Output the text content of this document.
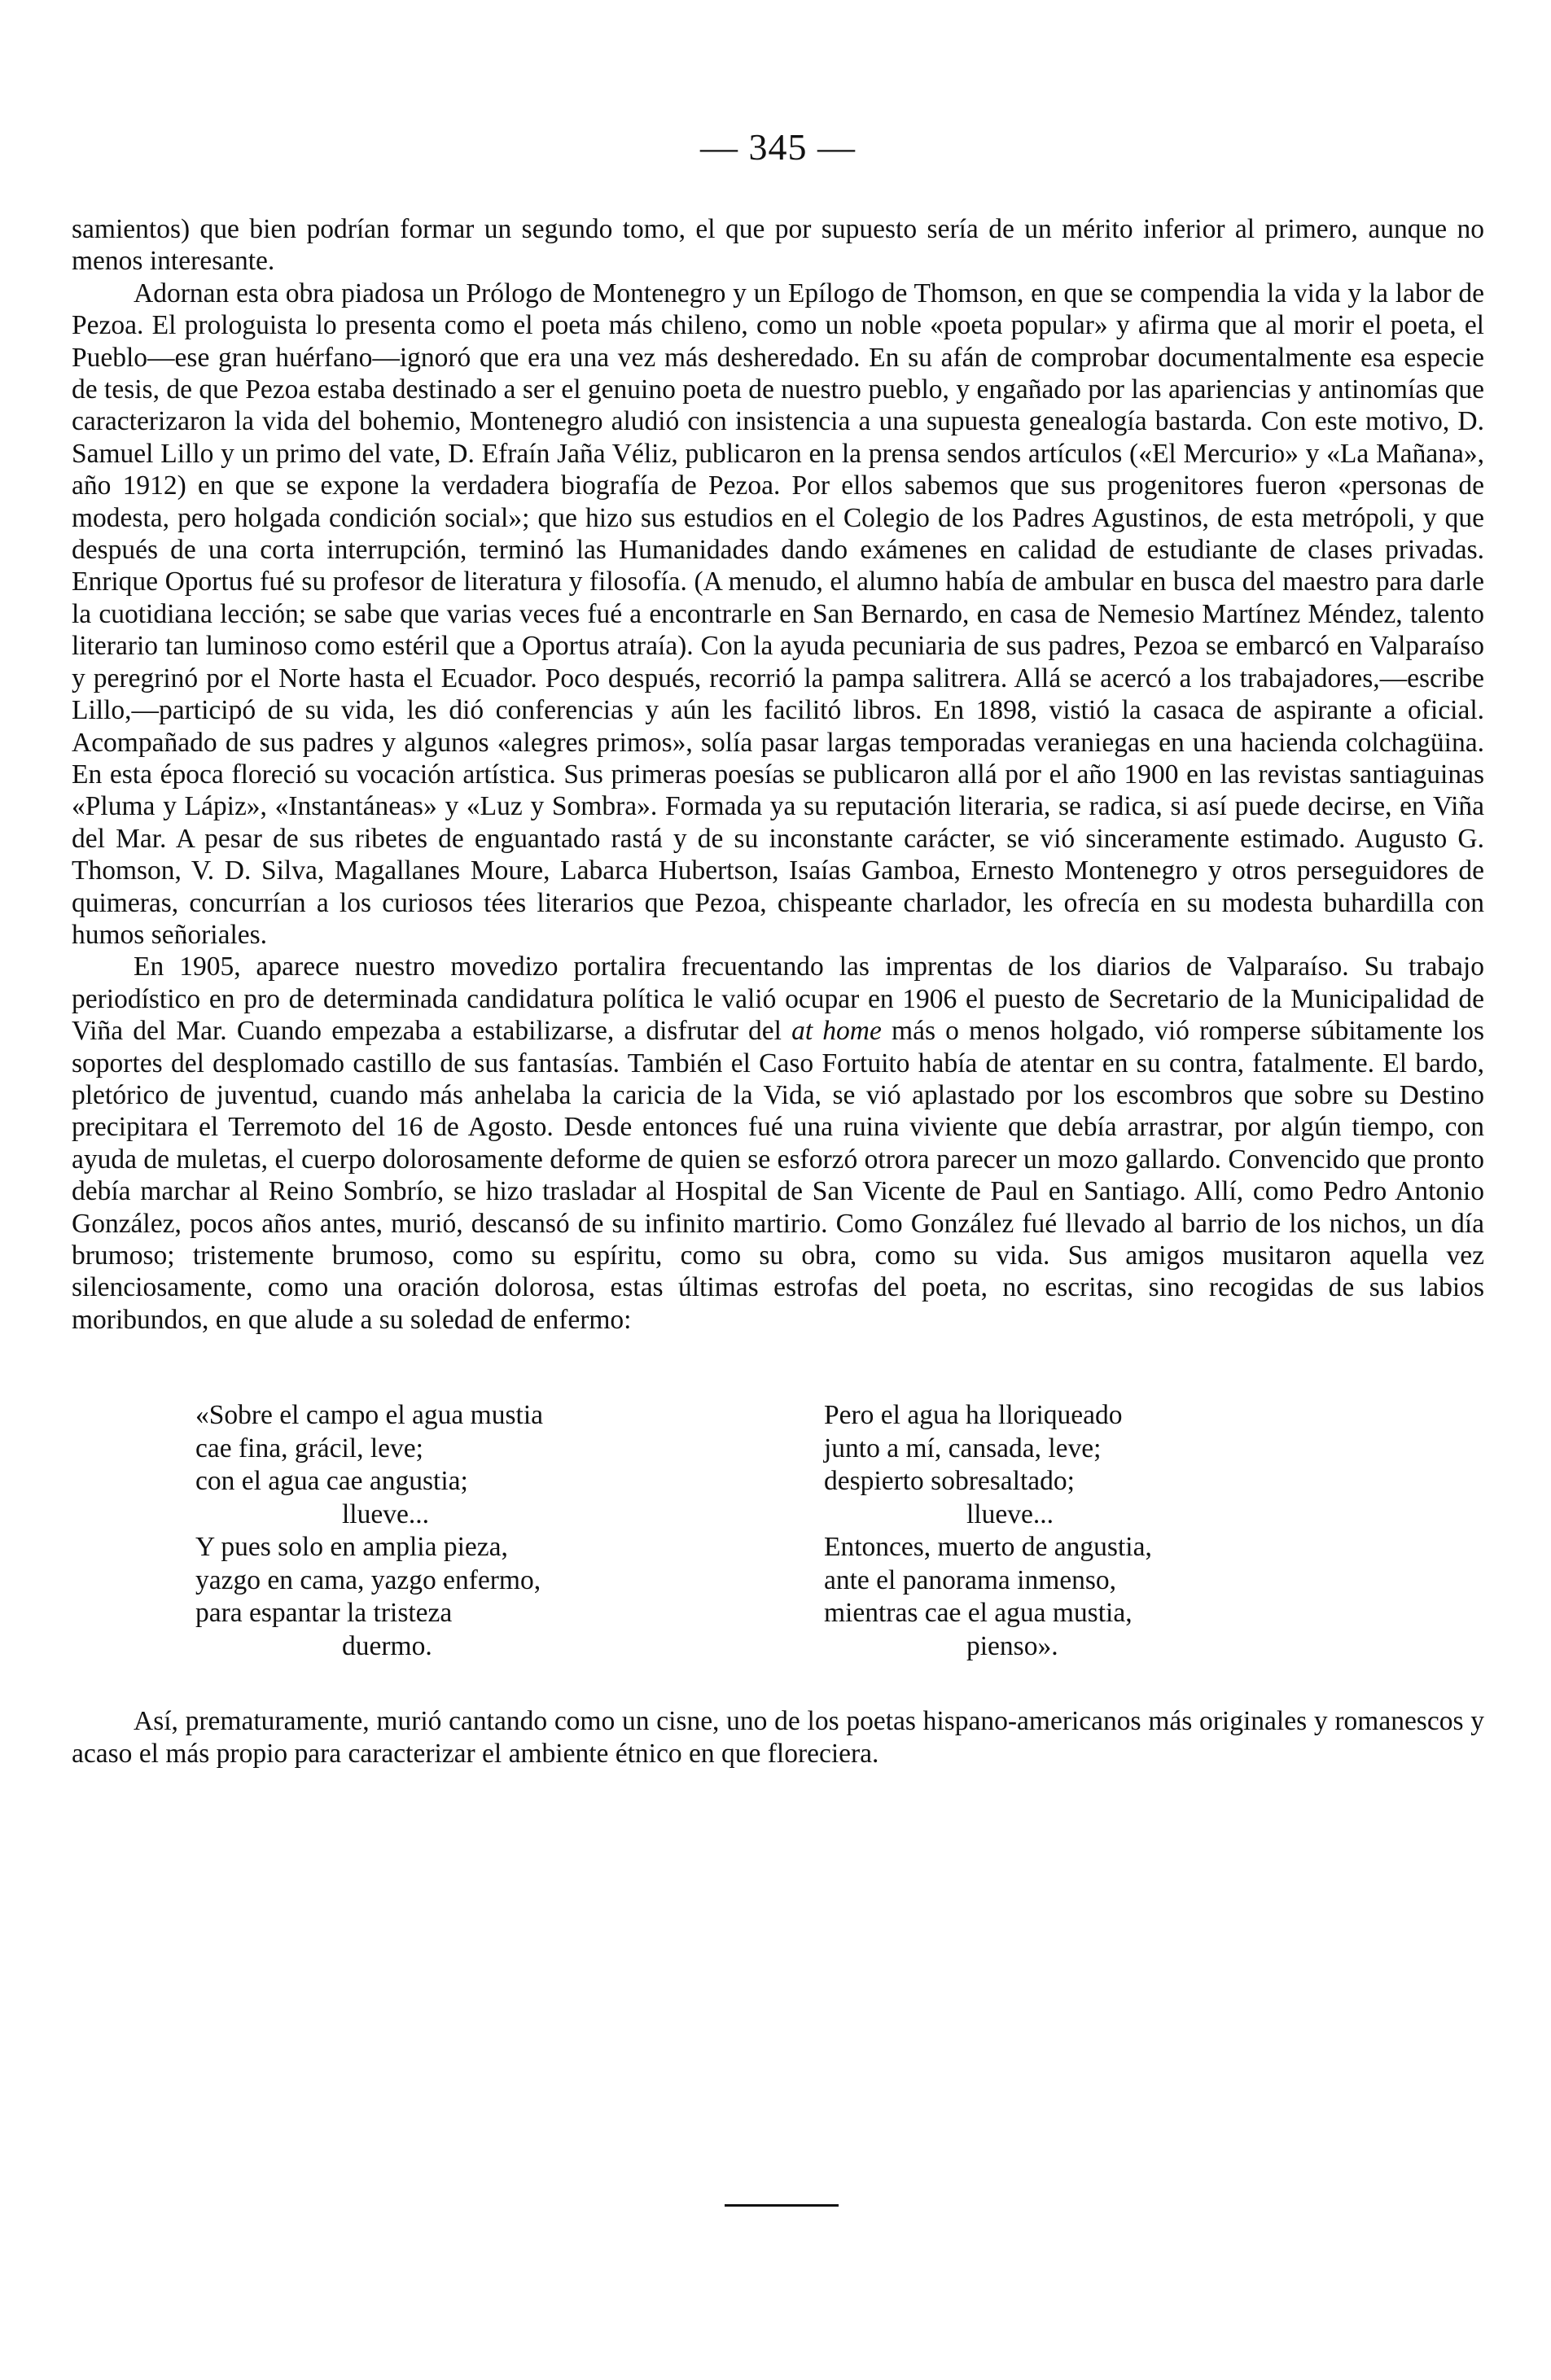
— 345 —

samientos) que bien podrían formar un segundo tomo, el que por supuesto sería de un mérito inferior al primero, aunque no menos interesante.

Adornan esta obra piadosa un Prólogo de Montenegro y un Epílogo de Thomson, en que se compendia la vida y la labor de Pezoa. El prologuista lo presenta como el poeta más chileno, como un noble «poeta popular» y afirma que al morir el poeta, el Pueblo—ese gran huérfano—ignoró que era una vez más desheredado. En su afán de comprobar documentalmente esa especie de tesis, de que Pezoa estaba destinado a ser el genuino poeta de nuestro pueblo, y engañado por las apariencias y antinomías que caracterizaron la vida del bohemio, Montenegro aludió con insistencia a una supuesta genealogía bastarda. Con este motivo, D. Samuel Lillo y un primo del vate, D. Efraín Jaña Véliz, publicaron en la prensa sendos artículos («El Mercurio» y «La Mañana», año 1912) en que se expone la verdadera biografía de Pezoa. Por ellos sabemos que sus progenitores fueron «personas de modesta, pero holgada condición social»; que hizo sus estudios en el Colegio de los Padres Agustinos, de esta metrópoli, y que después de una corta interrupción, terminó las Humanidades dando exámenes en calidad de estudiante de clases privadas. Enrique Oportus fué su profesor de literatura y filosofía. (A menudo, el alumno había de ambular en busca del maestro para darle la cuotidiana lección; se sabe que varias veces fué a encontrarle en San Bernardo, en casa de Nemesio Martínez Méndez, talento literario tan luminoso como estéril que a Oportus atraía). Con la ayuda pecuniaria de sus padres, Pezoa se embarcó en Valparaíso y peregrinó por el Norte hasta el Ecuador. Poco después, recorrió la pampa salitrera. Allá se acercó a los trabajadores,—escribe Lillo,—participó de su vida, les dió conferencias y aún les facilitó libros. En 1898, vistió la casaca de aspirante a oficial. Acompañado de sus padres y algunos «alegres primos», solía pasar largas temporadas veraniegas en una hacienda colchagüina. En esta época floreció su vocación artística. Sus primeras poesías se publicaron allá por el año 1900 en las revistas santiaguinas «Pluma y Lápiz», «Instantáneas» y «Luz y Sombra». Formada ya su reputación literaria, se radica, si así puede decirse, en Viña del Mar. A pesar de sus ribetes de enguantado rastá y de su inconstante carácter, se vió sinceramente estimado. Augusto G. Thomson, V. D. Silva, Magallanes Moure, Labarca Hubertson, Isaías Gamboa, Ernesto Montenegro y otros perseguidores de quimeras, concurrían a los curiosos tées literarios que Pezoa, chispeante charlador, les ofrecía en su modesta buhardilla con humos señoriales.

En 1905, aparece nuestro movedizo portalira frecuentando las imprentas de los diarios de Valparaíso. Su trabajo periodístico en pro de determinada candidatura política le valió ocupar en 1906 el puesto de Secretario de la Municipalidad de Viña del Mar. Cuando empezaba a estabilizarse, a disfrutar del at home más o menos holgado, vió romperse súbitamente los soportes del desplomado castillo de sus fantasías. También el Caso Fortuito había de atentar en su contra, fatalmente. El bardo, pletórico de juventud, cuando más anhelaba la caricia de la Vida, se vió aplastado por los escombros que sobre su Destino precipitara el Terremoto del 16 de Agosto. Desde entonces fué una ruina viviente que debía arrastrar, por algún tiempo, con ayuda de muletas, el cuerpo dolorosamente deforme de quien se esforzó otrora parecer un mozo gallardo. Convencido que pronto debía marchar al Reino Sombrío, se hizo trasladar al Hospital de San Vicente de Paul en Santiago. Allí, como Pedro Antonio González, pocos años antes, murió, descansó de su infinito martirio. Como González fué llevado al barrio de los nichos, un día brumoso; tristemente brumoso, como su espíritu, como su obra, como su vida. Sus amigos musitaron aquella vez silenciosamente, como una oración dolorosa, estas últimas estrofas del poeta, no escritas, sino recogidas de sus labios moribundos, en que alude a su soledad de enfermo:

«Sobre el campo el agua mustia

cae fina, grácil, leve;

con el agua cae angustia;

llueve...

Y pues solo en amplia pieza,

yazgo en cama, yazgo enfermo,

para espantar la tristeza

duermo.

Pero el agua ha lloriqueado

junto a mí, cansada, leve;

despierto sobresaltado;

llueve...

Entonces, muerto de angustia,

ante el panorama inmenso,

mientras cae el agua mustia,

pienso».

Así, prematuramente, murió cantando como un cisne, uno de los poetas hispano-americanos más originales y romanescos y acaso el más propio para caracterizar el ambiente étnico en que floreciera.
